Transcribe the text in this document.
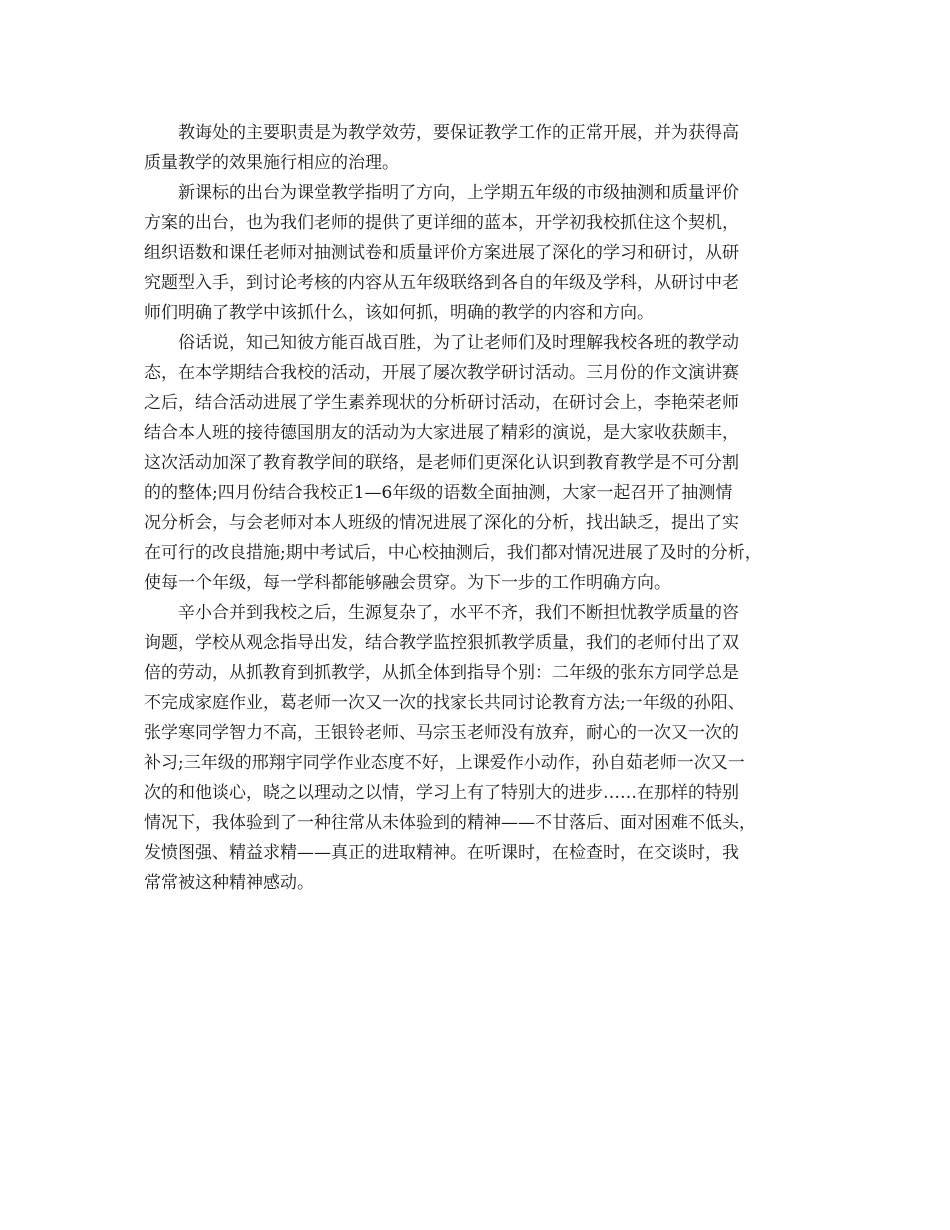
教诲处的主要职责是为教学效劳，要保证教学工作的正常开展，并为获得高
质量教学的效果施行相应的治理。

新课标的出台为课堂教学指明了方向，上学期五年级的市级抽测和质量评价
方案的出台，也为我们老师的提供了更详细的蓝本，开学初我校抓住这个契机，
组织语数和课任老师对抽测试卷和质量评价方案进展了深化的学习和研讨，从研
究题型入手，到讨论考核的内容从五年级联络到各自的年级及学科，从研讨中老
师们明确了教学中该抓什么，该如何抓，明确的教学的内容和方向。

俗话说，知己知彼方能百战百胜，为了让老师们及时理解我校各班的教学动
态，在本学期结合我校的活动，开展了屡次教学研讨活动。三月份的作文演讲赛
之后，结合活动进展了学生素养现状的分析研讨活动，在研讨会上，李艳荣老师
结合本人班的接待德国朋友的活动为大家进展了精彩的演说，是大家收获颇丰，
这次活动加深了教育教学间的联络，是老师们更深化认识到教育教学是不可分割
的的整体;四月份结合我校正1—6年级的语数全面抽测，大家一起召开了抽测情
况分析会，与会老师对本人班级的情况进展了深化的分析，找出缺乏，提出了实
在可行的改良措施;期中考试后，中心校抽测后，我们都对情况进展了及时的分析，
使每一个年级，每一学科都能够融会贯穿。为下一步的工作明确方向。

辛小合并到我校之后，生源复杂了，水平不齐，我们不断担忧教学质量的咨
询题，学校从观念指导出发，结合教学监控狠抓教学质量，我们的老师付出了双
倍的劳动，从抓教育到抓教学，从抓全体到指导个别：二年级的张东方同学总是
不完成家庭作业，葛老师一次又一次的找家长共同讨论教育方法;一年级的孙阳、
张学寒同学智力不高，王银铃老师、马宗玉老师没有放弃，耐心的一次又一次的
补习;三年级的邢翔宇同学作业态度不好，上课爱作小动作，孙自茹老师一次又一
次的和他谈心，晓之以理动之以情，学习上有了特别大的进步……在那样的特别
情况下，我体验到了一种往常从未体验到的精神——不甘落后、面对困难不低头，
发愤图强、精益求精——真正的进取精神。在听课时，在检查时，在交谈时，我
常常被这种精神感动。
